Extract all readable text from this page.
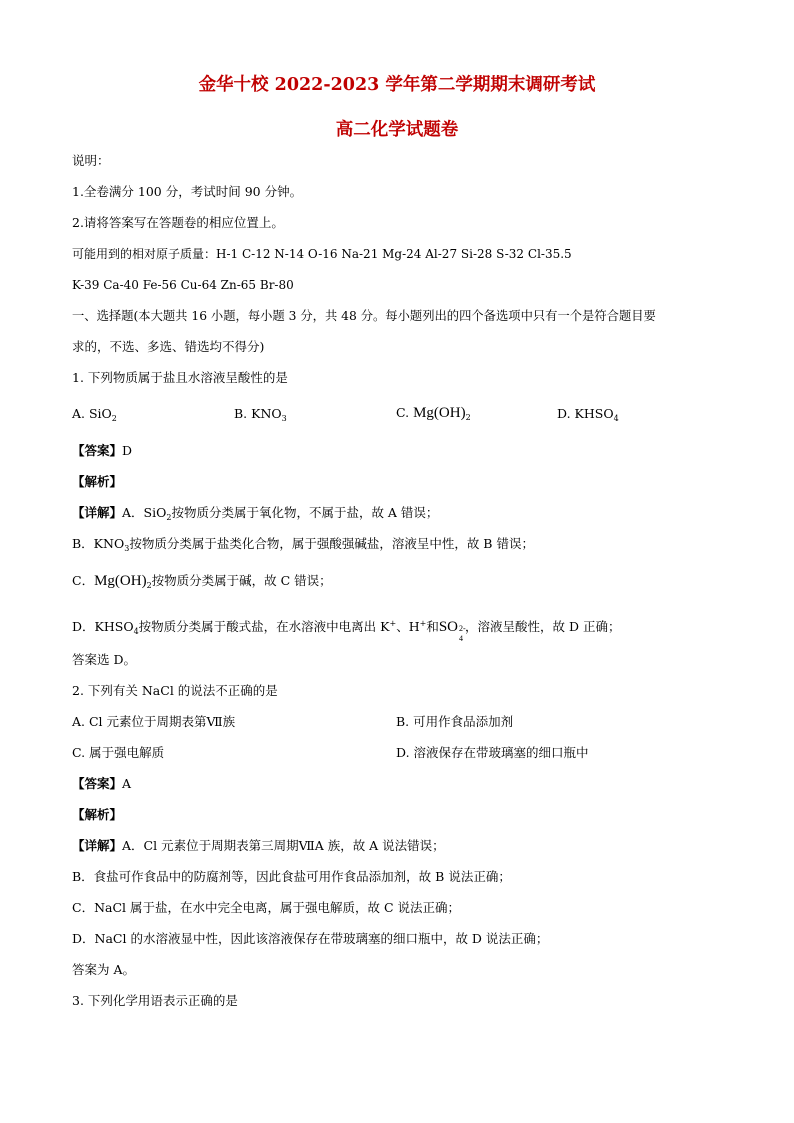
金华十校 2022-2023 学年第二学期期末调研考试
高二化学试题卷
说明：
1.全卷满分 100 分，考试时间 90 分钟。
2.请将答案写在答题卷的相应位置上。
可能用到的相对原子质量：H-1 C-12 N-14 O-16 Na-21 Mg-24 Al-27 Si-28 S-32 Cl-35.5
K-39 Ca-40 Fe-56 Cu-64 Zn-65 Br-80
一、选择题(本大题共 16 小题，每小题 3 分，共 48 分。每小题列出的四个备选项中只有一个是符合题目要
求的，不选、多选、错选均不得分)
1. 下列物质属于盐且水溶液呈酸性的是
A. SiO$_2$	B. $KNO_3$	C. $Mg(OH)_2$	D. $KHSO_4$
【答案】D
【解析】
【详解】A．SiO$_2$按物质分类属于氧化物，不属于盐，故 A 错误；
B．$KNO_3$按物质分类属于盐类化合物，属于强酸强碱盐，溶液呈中性，故 B 错误；
C．$Mg(OH)_2$按物质分类属于碱，故 C 错误；
D．$KHSO_4$按物质分类属于酸式盐，在水溶液中电离出 K+、H+和SO 2-
4
，溶液呈酸性，故 D 正确；
答案选 D。
2. 下列有关 NaCl 的说法不正确的是
A. Cl 元素位于周期表第Ⅶ族	B. 可用作食品添加剂
C. 属于强电解质	D. 溶液保存在带玻璃塞的细口瓶中
【答案】A
【解析】
【详解】A．Cl 元素位于周期表第三周期ⅦA 族，故 A 说法错误；
B．食盐可作食品中的防腐剂等，因此食盐可用作食品添加剂，故 B 说法正确；
C．NaCl 属于盐，在水中完全电离，属于强电解质，故 C 说法正确；
D．NaCl 的水溶液显中性，因此该溶液保存在带玻璃塞的细口瓶中，故 D 说法正确；
答案为 A。
3. 下列化学用语表示正确的是
